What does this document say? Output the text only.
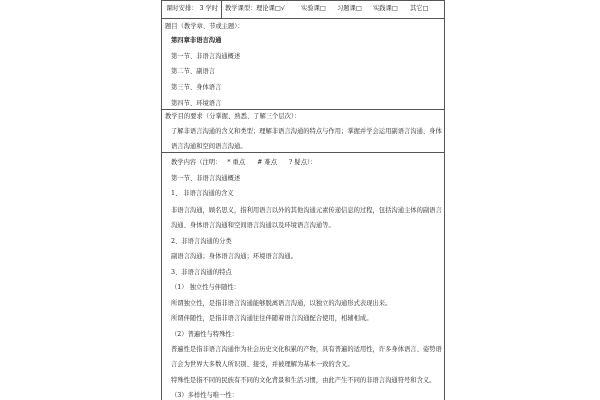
课时安排： 3 学时 教学课型： 理论课□√	实验课□ 习题课□ 实践课□ 其它□
题目（教学章、节或主题）：
第四章非语言沟通
第一节、非语言沟通概述
第二节、副语言
第三节、身体语言
第四节、环境语言
教学目的要求（分掌握、熟悉、了解三个层次）：
了解非语言沟通的含义和类型；理解非语言沟通的特点与作用；掌握并学会运用副语言沟通、身体
语言沟通和空间语言沟通。
教学内容（注明： * 重点 # 难点 ? 疑点）：
第一节、非语言沟通概述
1、 非语言沟通的含义
非语言沟通，顾名思义，指利用语言以外的其他沟通元素传递信息的过程，包括沟通主体的副语言
沟通、身体语言沟通和空间语言沟通以及环境语言沟通等。
2、非语言沟通的分类
副语言沟通；身体语言沟通；环境语言沟通。
3、非语言沟通的特点
（1） 独立性与伴随性：
所谓独立性，是指非语言沟通能够脱离语言沟通，以独立的沟通形式表现出来。
所谓伴随性，是指非语言沟通往往伴随着语言沟通配合使用，相辅相成。
（2）普遍性与特殊性：
普遍性是指非语言沟通作为社会历史文化积累的产物，具有普遍的适用性，许多身体语言、姿势语
言会为世界大多数人所识别、接受，并被理解为基本一致的含义。
特殊性是指不同的民族有不同的文化背景和生活习惯，由此产生不同的非语言沟通符号和含义。
（3）多样性与唯一性：
